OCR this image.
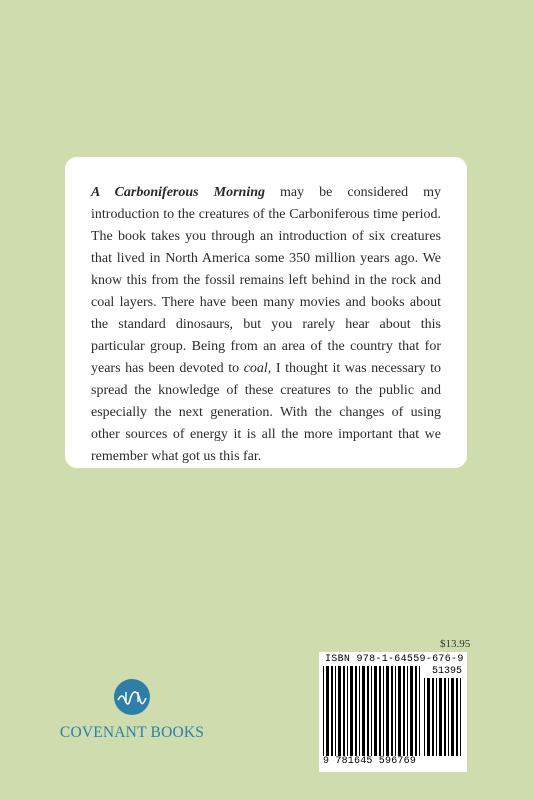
A Carboniferous Morning may be considered my introduction to the creatures of the Carboniferous time period. The book takes you through an introduction of six creatures that lived in North America some 350 million years ago. We know this from the fossil remains left behind in the rock and coal layers. There have been many movies and books about the standard dinosaurs, but you rarely hear about this particular group. Being from an area of the country that for years has been devoted to coal, I thought it was necessary to spread the knowledge of these creatures to the public and especially the next generation. With the changes of using other sources of energy it is all the more important that we remember what got us this far.

$13.95
ISBN 978-1-64559-676-9
51395
9 781645 596769
COVENANT BOOKS
